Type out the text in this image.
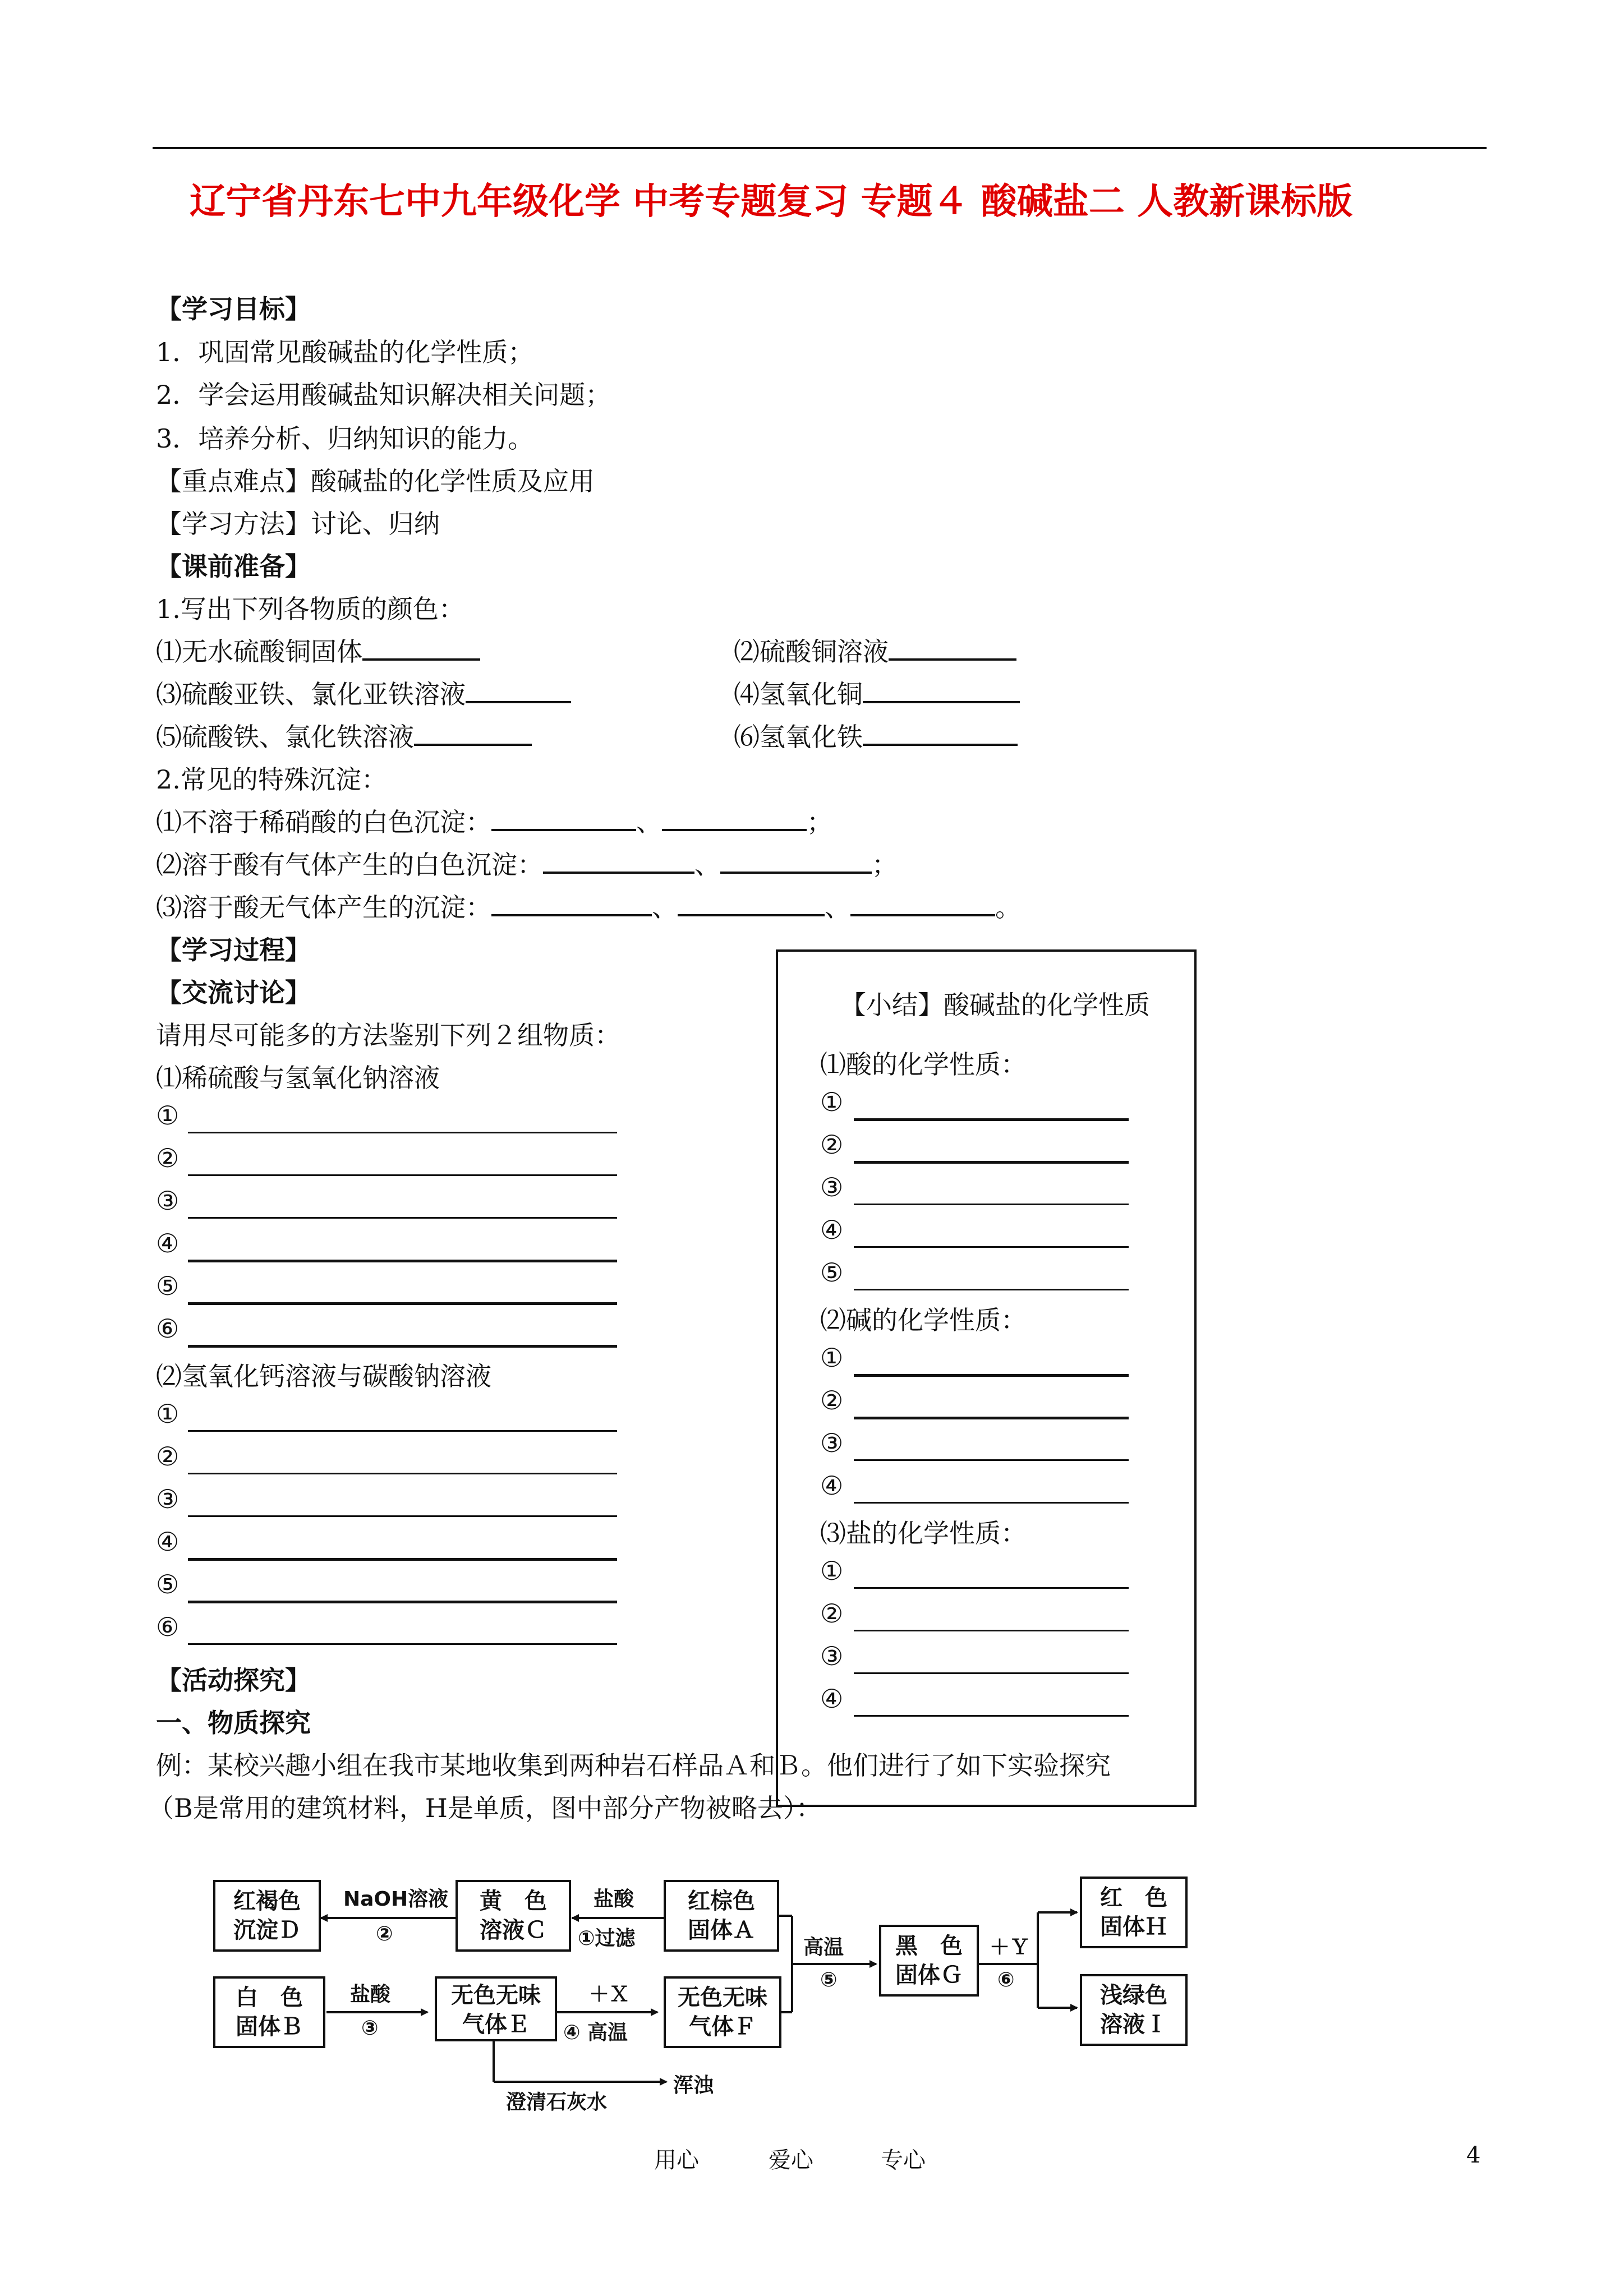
辽宁省丹东七中九年级化学 中考专题复习 专题４ 酸碱盐二 人教新课标版
【学习目标】
1．巩固常见酸碱盐的化学性质；
2．学会运用酸碱盐知识解决相关问题；
3．培养分析、归纳知识的能力。
【重点难点】酸碱盐的化学性质及应用
【学习方法】讨论、归纳
【课前准备】
1.写出下列各物质的颜色：
⑴无水硫酸铜固体	⑵硫酸铜溶液
⑶硫酸亚铁、氯化亚铁溶液	⑷氢氧化铜
⑸硫酸铁、氯化铁溶液	⑹氢氧化铁
2.常见的特殊沉淀：
⑴不溶于稀硝酸的白色沉淀：	、	；
⑵溶于酸有气体产生的白色沉淀：	、	；
⑶溶于酸无气体产生的沉淀：	、	、	。
【学习过程】
【交流讨论】
请用尽可能多的方法鉴别下列２组物质：
⑴稀硫酸与氢氧化钠溶液
①
②
③
④
⑤
⑥
⑵氢氧化钙溶液与碳酸钠溶液
①
②
③
④
⑤
⑥
【小结】酸碱盐的化学性质
⑴酸的化学性质：
①
②
③
④
⑤
⑵碱的化学性质：
①
②
③
④
⑶盐的化学性质：
①
②
③
④
【活动探究】
一、物质探究
例：某校兴趣小组在我市某地收集到两种岩石样品Ａ和Ｂ。他们进行了如下实验探究
（B是常用的建筑材料，H是单质，图中部分产物被略去）：
红褐色
沉淀Ｄ
黄　色
溶液Ｃ
红棕色
固体Ａ
白　色
固体Ｂ
无色无味
气体Ｅ
无色无味
气体Ｆ
黑　色
固体Ｇ
红　色
固体Ｈ
浅绿色
溶液Ｉ
NaOH溶液
②
盐酸
①过滤
盐酸
③
＋Ｘ
④ 高温
高温
⑤
＋Ｙ
⑥
澄清石灰水
浑浊
用心	爱心	专心	4
